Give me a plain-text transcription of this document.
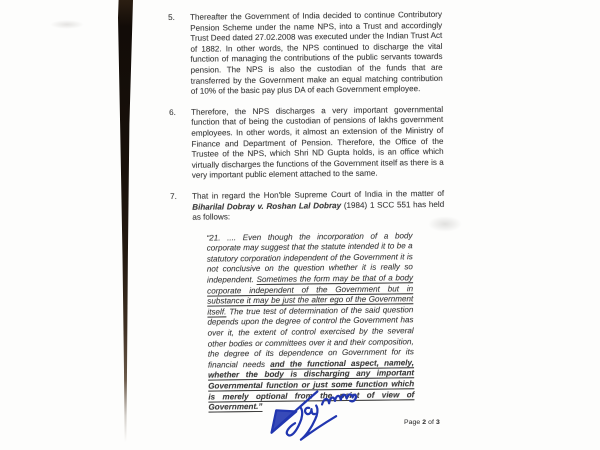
5.	Thereafter the Government of India decided to continue Contributory Pension Scheme under the name NPS, into a Trust and accordingly Trust Deed dated 27.02.2008 was executed under the Indian Trust Act of 1882. In other words, the NPS continued to discharge the vital function of managing the contributions of the public servants towards pension. The NPS is also the custodian of the funds that are transferred by the Government make an equal matching contribution of 10% of the basic pay plus DA of each Government employee.
6.	Therefore, the NPS discharges a very important governmental function that of being the custodian of pensions of lakhs government employees. In other words, it almost an extension of the Ministry of Finance and Department of Pension. Therefore, the Office of the Trustee of the NPS, which Shri ND Gupta holds, is an office which virtually discharges the functions of the Government itself as there is a very important public element attached to the same.
7.	That in regard the Hon'ble Supreme Court of India in the matter of Biharilal Dobray v. Roshan Lal Dobray (1984) 1 SCC 551 has held as follows:
“21. .... Even though the incorporation of a body corporate may suggest that the statute intended it to be a statutory corporation independent of the Government it is not conclusive on the question whether it is really so independent. Sometimes the form may be that of a body corporate independent of the Government but in substance it may be just the alter ego of the Government itself. The true test of determination of the said question depends upon the degree of control the Government has over it, the extent of control exercised by the several other bodies or committees over it and their composition, the degree of its dependence on Government for its financial needs and the functional aspect, namely, whether the body is discharging any important Governmental function or just some function which is merely optional from the point of view of Government.”
Page 2 of 3
